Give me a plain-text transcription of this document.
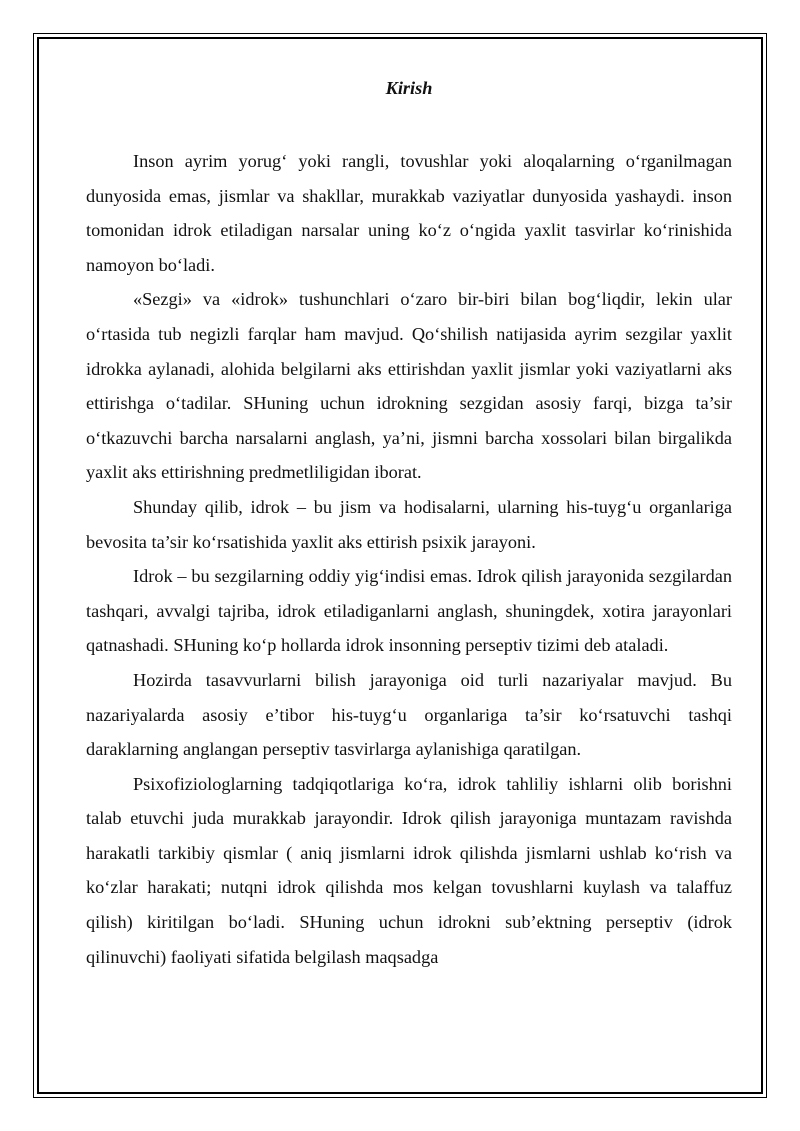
Kirish

Inson ayrim yorug‘ yoki rangli, tovushlar yoki aloqalarning o‘rganilmagan dunyosida emas, jismlar va shakllar, murakkab vaziyatlar dunyosida yashaydi. inson tomonidan idrok etiladigan narsalar uning ko‘z o‘ngida yaxlit tasvirlar ko‘rinishida namoyon bo‘ladi.

«Sezgi» va «idrok» tushunchlari o‘zaro bir-biri bilan bog‘liqdir, lekin ular o‘rtasida tub negizli farqlar ham mavjud. Qo‘shilish natijasida ayrim sezgilar yaxlit idrokka aylanadi, alohida belgilarni aks ettirishdan yaxlit jismlar yoki vaziyatlarni aks ettirishga o‘tadilar. SHuning uchun idrokning sezgidan asosiy farqi, bizga ta’sir o‘tkazuvchi barcha narsalarni anglash, ya’ni, jismni barcha xossolari bilan birgalikda yaxlit aks ettirishning predmetliligidan iborat.

Shunday qilib, idrok – bu jism va hodisalarni, ularning his-tuyg‘u organlariga bevosita ta’sir ko‘rsatishida yaxlit aks ettirish psixik jarayoni.

Idrok – bu sezgilarning oddiy yig‘indisi emas. Idrok qilish jarayonida sezgilardan tashqari, avvalgi tajriba, idrok etiladiganlarni anglash, shuningdek, xotira jarayonlari qatnashadi. SHuning ko‘p hollarda idrok insonning perseptiv tizimi deb ataladi.

Hozirda tasavvurlarni bilish jarayoniga oid turli nazariyalar mavjud. Bu nazariyalarda asosiy e’tibor his-tuyg‘u organlariga ta’sir ko‘rsatuvchi tashqi daraklarning anglangan perseptiv tasvirlarga aylanishiga qaratilgan.

Psixofiziologlarning tadqiqotlariga ko‘ra, idrok tahliliy ishlarni olib borishni talab etuvchi juda murakkab jarayondir. Idrok qilish jarayoniga muntazam ravishda harakatli tarkibiy qismlar ( aniq jismlarni idrok qilishda jismlarni ushlab ko‘rish va ko‘zlar harakati; nutqni idrok qilishda mos kelgan tovushlarni kuylash va talaffuz qilish) kiritilgan bo‘ladi. SHuning uchun idrokni sub’ektning perseptiv (idrok qilinuvchi) faoliyati sifatida belgilash maqsadga
